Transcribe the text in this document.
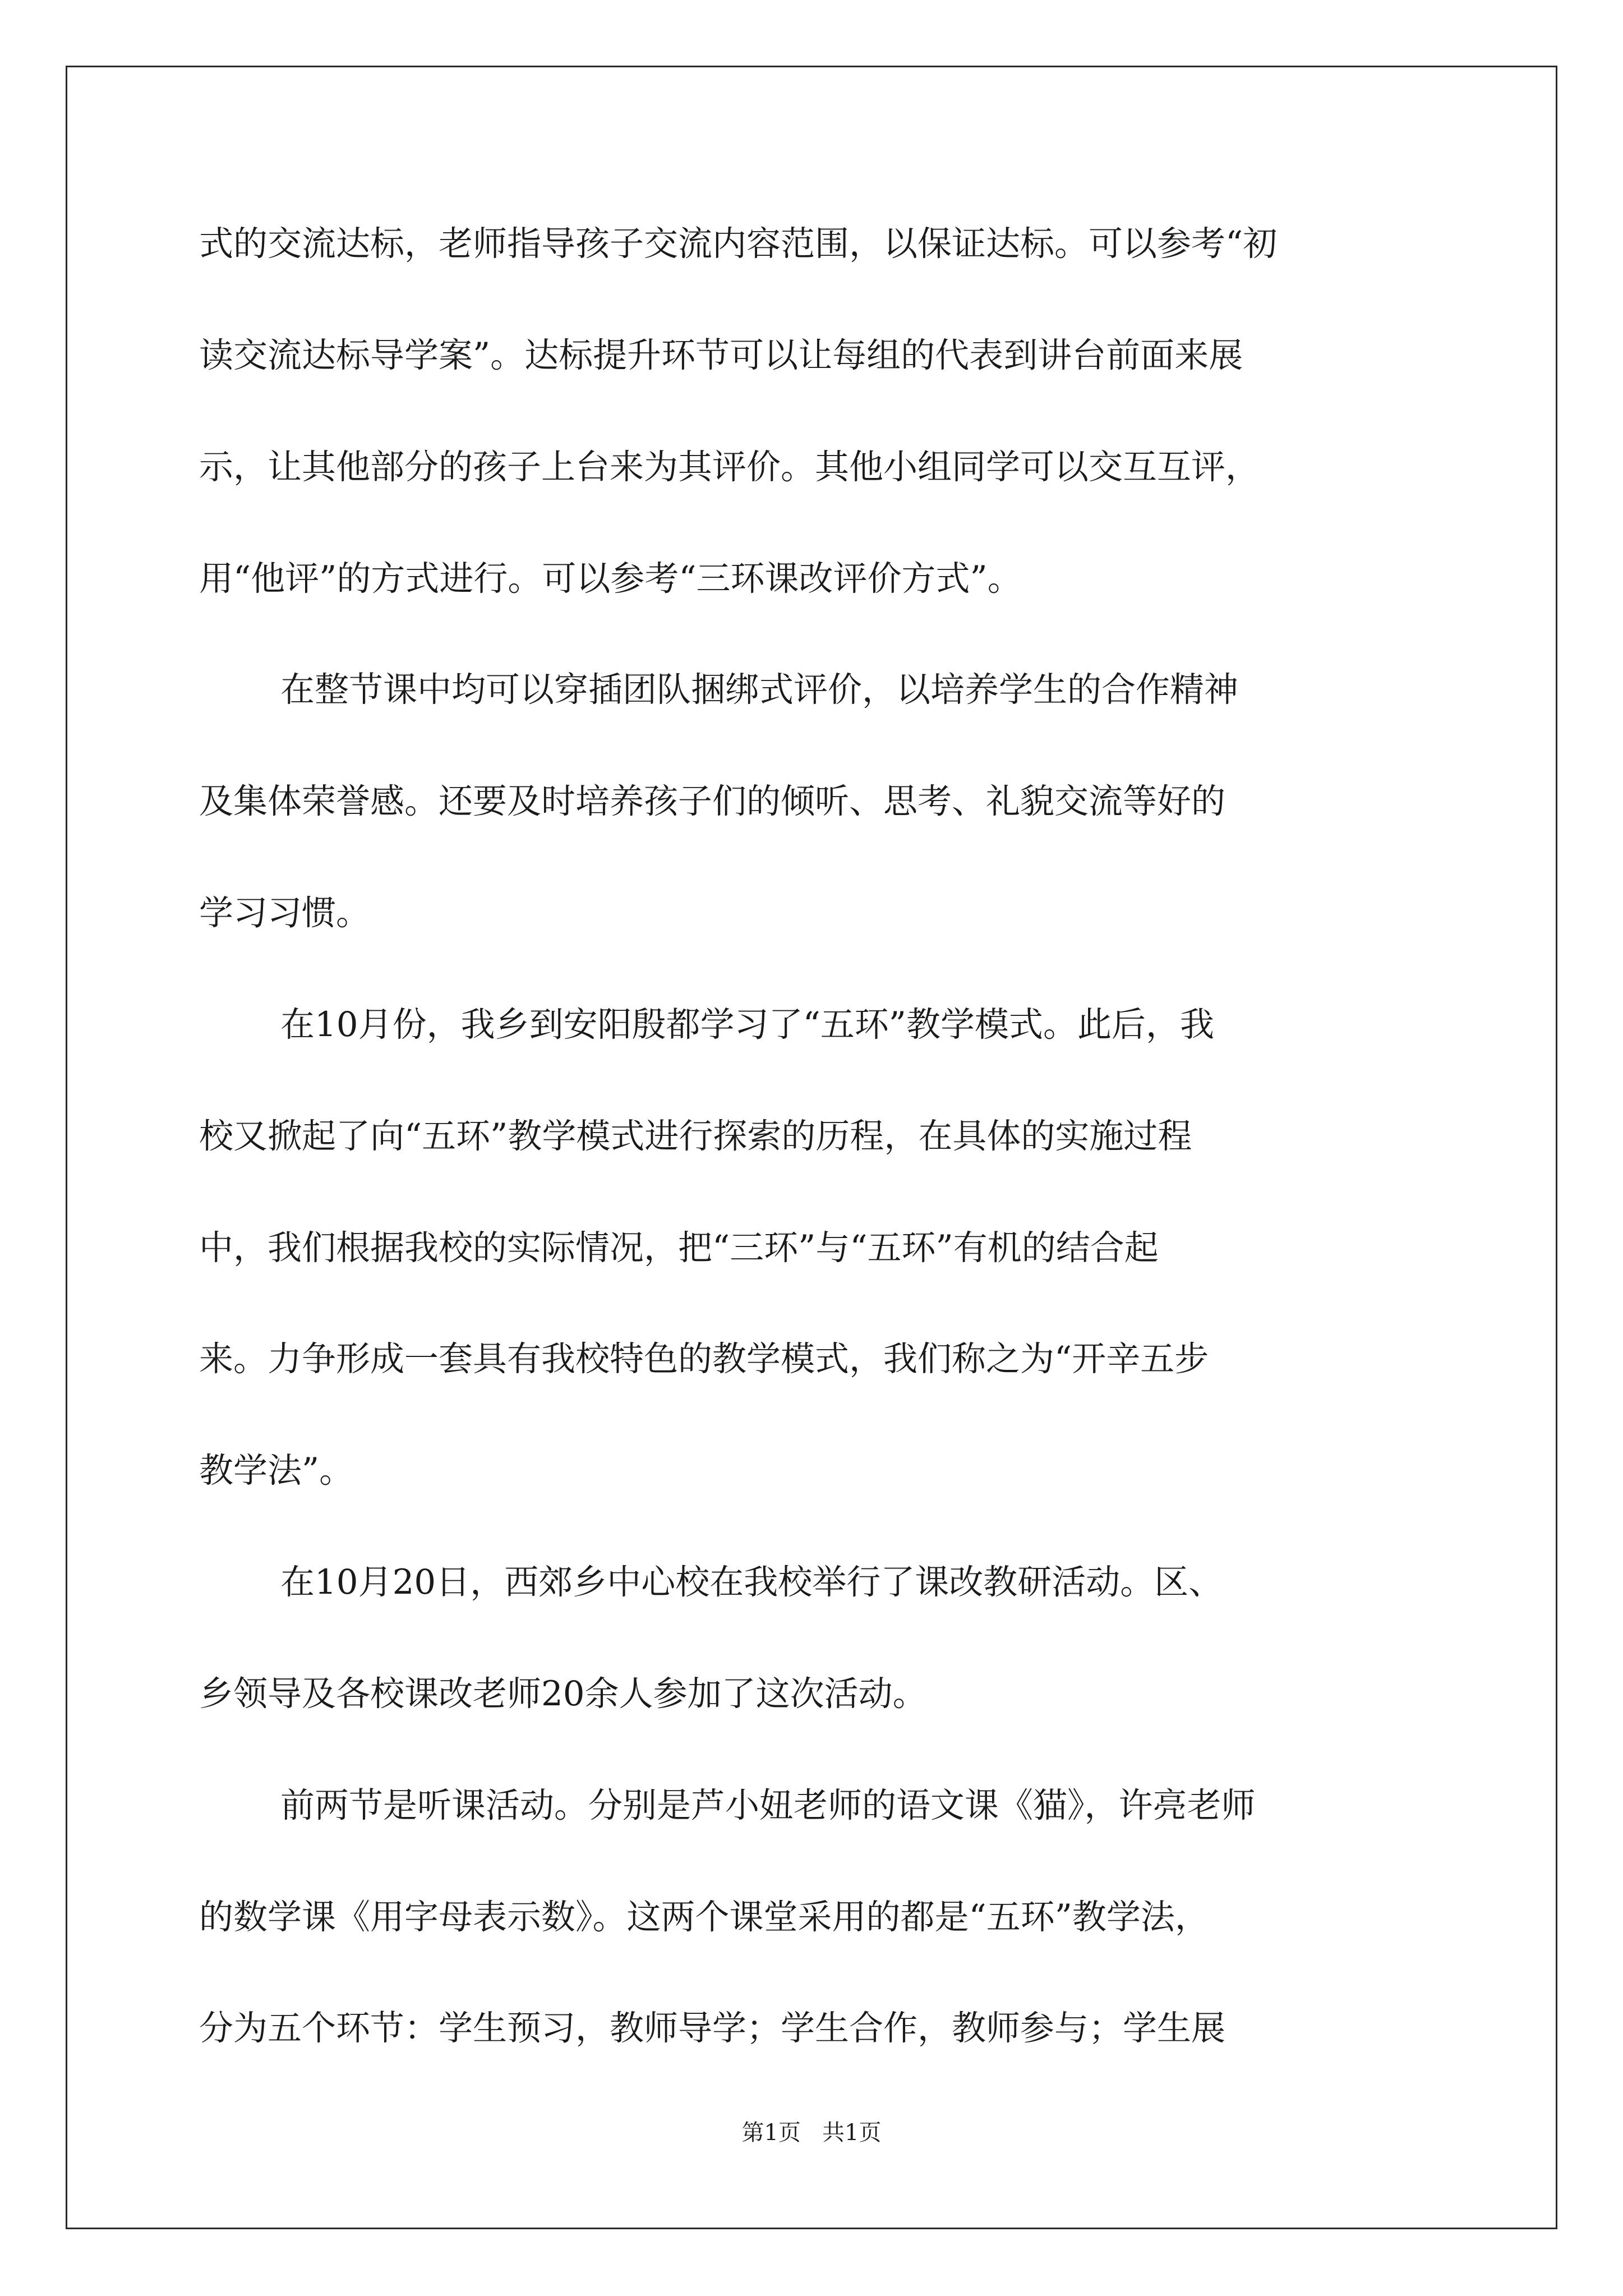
式的交流达标，老师指导孩子交流内容范围，以保证达标。可以参考“初
读交流达标导学案”。达标提升环节可以让每组的代表到讲台前面来展
示，让其他部分的孩子上台来为其评价。其他小组同学可以交互互评，
用“他评”的方式进行。可以参考“三环课改评价方式”。
在整节课中均可以穿插团队捆绑式评价，以培养学生的合作精神
及集体荣誉感。还要及时培养孩子们的倾听、思考、礼貌交流等好的
学习习惯。
在10月份，我乡到安阳殷都学习了“五环”教学模式。此后，我
校又掀起了向“五环”教学模式进行探索的历程，在具体的实施过程
中，我们根据我校的实际情况，把“三环”与“五环”有机的结合起
来。力争形成一套具有我校特色的教学模式，我们称之为“开辛五步
教学法”。
在10月20日，西郊乡中心校在我校举行了课改教研活动。区、
乡领导及各校课改老师20余人参加了这次活动。
前两节是听课活动。分别是芦小妞老师的语文课《猫》，许亮老师
的数学课《用字母表示数》。这两个课堂采用的都是“五环”教学法，
分为五个环节：学生预习，教师导学；学生合作，教师参与；学生展
第1页   共1页
